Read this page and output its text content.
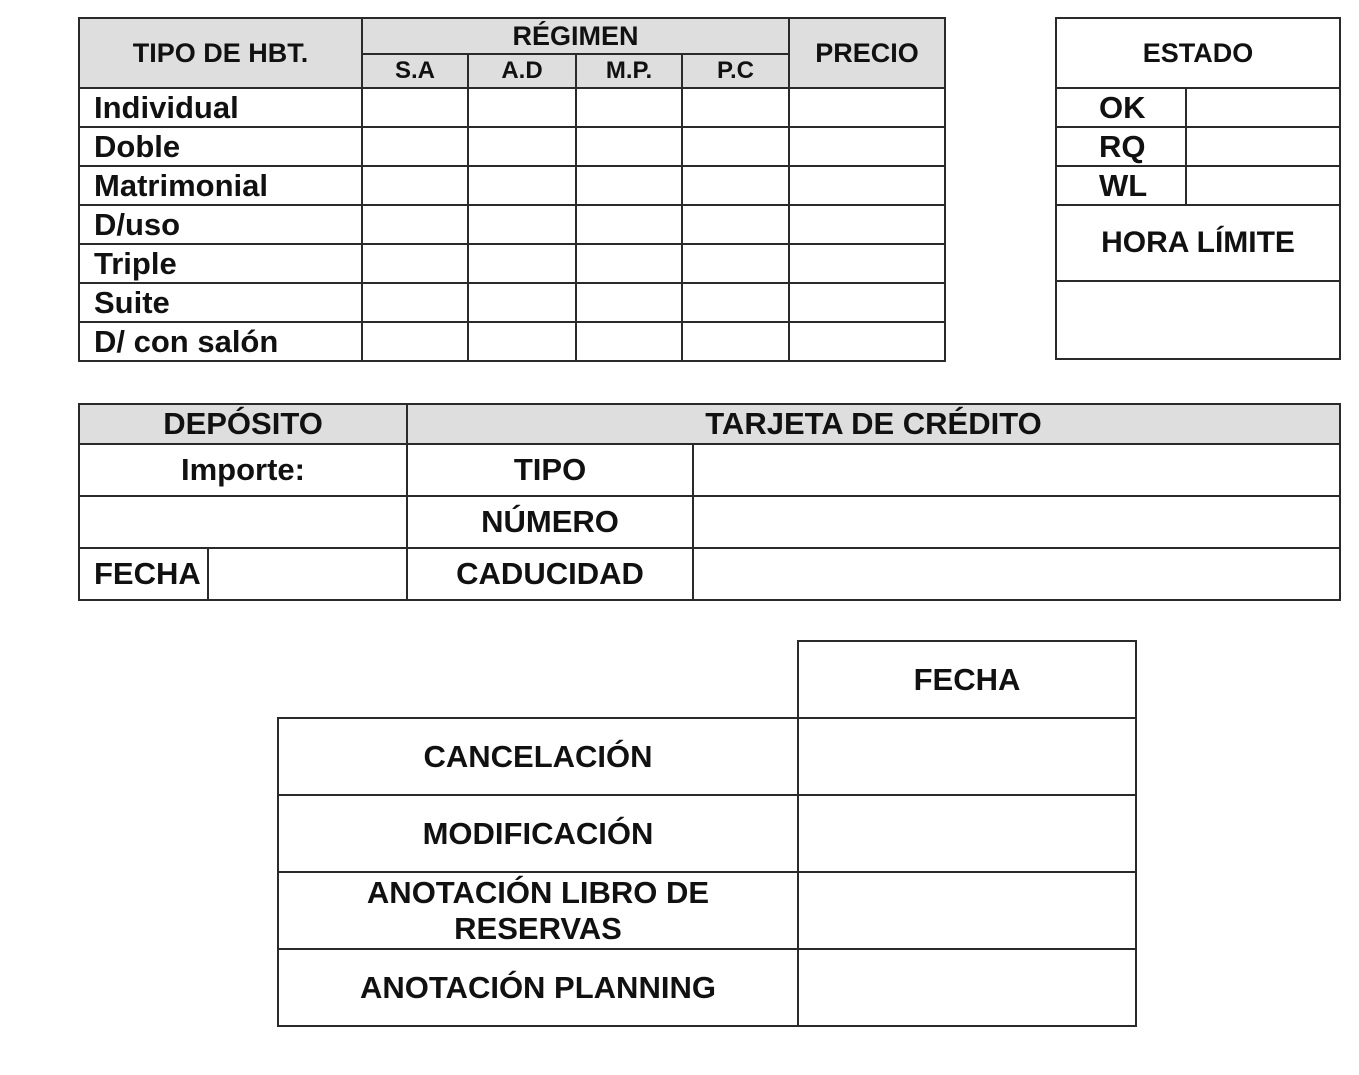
TIPO DE HBT.	RÉGIMEN				PRECIO
	S.A	A.D	M.P.	P.C	
Individual					
Doble					
Matrimonial					
D/uso					
Triple					
Suite					
D/ con salón					
ESTADO	
OK	
RQ	
WL	
HORA LÍMITE	

DEPÓSITO		TARJETA DE CRÉDITO	
Importe:		TIPO	
		NÚMERO	
FECHA		CADUCIDAD	
	FECHA
CANCELACIÓN	
MODIFICACIÓN	
ANOTACIÓN LIBRO DE RESERVAS	
ANOTACIÓN PLANNING	
